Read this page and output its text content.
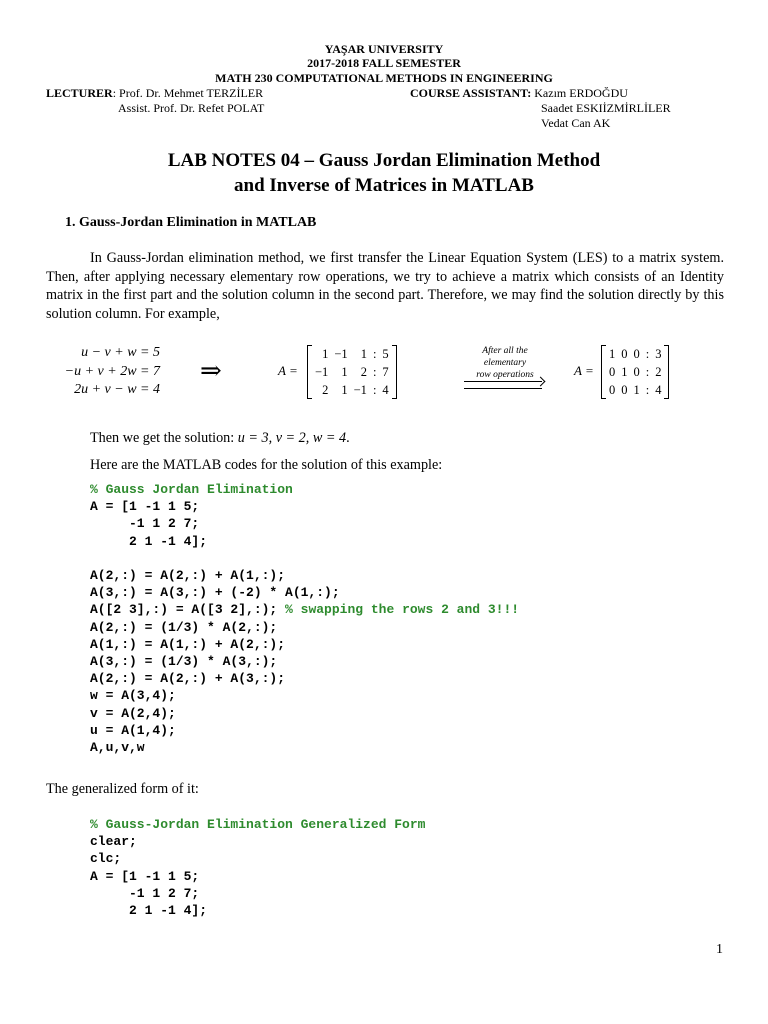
YAŞAR UNIVERSITY
2017-2018 FALL SEMESTER
MATH 230 COMPUTATIONAL METHODS IN ENGINEERING
LECTURER: Prof. Dr. Mehmet TERZİLER
Assist. Prof. Dr. Refet POLAT
COURSE ASSISTANT: Kazım ERDOĞDU
Saadet ESKIİZMİRLİLER
Vedat Can AK
LAB NOTES 04 – Gauss Jordan Elimination Method
and Inverse of Matrices in MATLAB
1. Gauss-Jordan Elimination in MATLAB
In Gauss-Jordan elimination method, we first transfer the Linear Equation System (LES) to a matrix system. Then, after applying necessary elementary row operations, we try to achieve a matrix which consists of an Identity matrix in the first part and the solution column in the second part. Therefore, we may find the solution directly by this solution column. For example,
u − v + w = 5
−u + v + 2w = 7
2u + v − w = 4
⇒	A =
1	−1	1	:	5
−1	1	2	:	7
2	1	−1	:	4
After all the
elementary
row operations	A =
1	0	0	:	3
0	1	0	:	2
0	0	1	:	4
Then we get the solution: u = 3, v = 2, w = 4.
Here are the MATLAB codes for the solution of this example:
% Gauss Jordan Elimination
A = [1 -1 1 5;
-1 1 2 7;
2 1 -1 4];

A(2,:) = A(2,:) + A(1,:);
A(3,:) = A(3,:) + (-2) * A(1,:);
A([2 3],:) = A([3 2],:); % swapping the rows 2 and 3!!!
A(2,:) = (1/3) * A(2,:);
A(1,:) = A(1,:) + A(2,:);
A(3,:) = (1/3) * A(3,:);
A(2,:) = A(2,:) + A(3,:);
w = A(3,4);
v = A(2,4);
u = A(1,4);
A,u,v,w
The generalized form of it:
% Gauss-Jordan Elimination Generalized Form
clear;
clc;
A = [1 -1 1 5;
-1 1 2 7;
2 1 -1 4];
1
